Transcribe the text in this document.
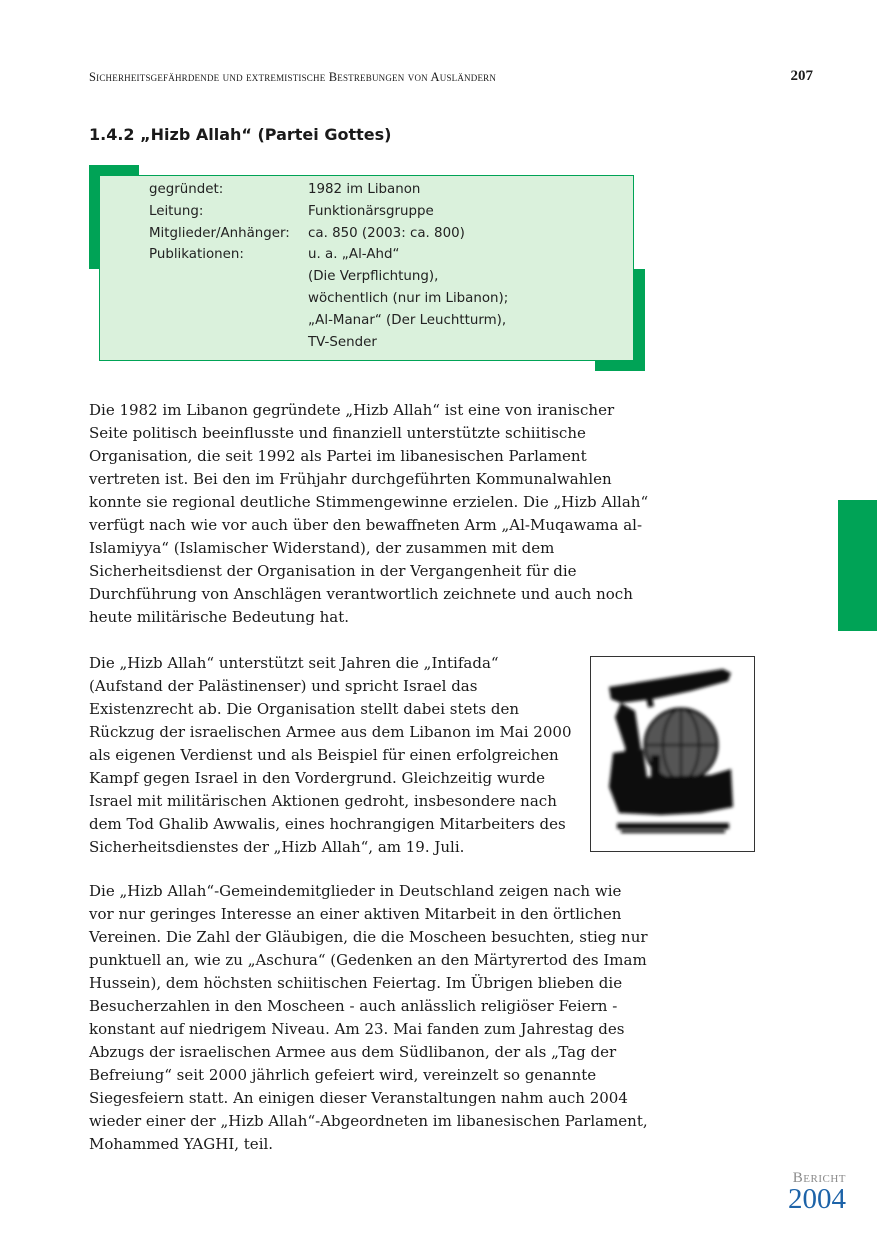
Sicherheitsgefährdende und extremistische Bestrebungen von Ausländern	207
1.4.2 „Hizb Allah“ (Partei Gottes)
gegründet:	1982 im Libanon
Leitung:	Funktionärsgruppe
Mitglieder/Anhänger: ca. 850 (2003: ca. 800)
Publikationen:	u. a. „Al-Ahd“
(Die Verpflichtung),
wöchentlich (nur im Libanon);
„Al-Manar“ (Der Leuchtturm),
TV-Sender

Die 1982 im Libanon gegründete „Hizb Allah“ ist eine von iranischer Seite politisch beeinflusste und finanziell unterstützte schiitische Organisation, die seit 1992 als Partei im libanesischen Parlament vertreten ist. Bei den im Frühjahr durchgeführten Kommunalwahlen konnte sie regional deutliche Stimmengewinne erzielen. Die „Hizb Allah“ verfügt nach wie vor auch über den bewaffneten Arm „Al-Muqawama al-Islamiyya“ (Islamischer Widerstand), der zusammen mit dem Sicherheitsdienst der Organisation in der Vergangenheit für die Durchführung von Anschlägen verantwortlich zeichnete und auch noch heute militärische Bedeutung hat.

Die „Hizb Allah“ unterstützt seit Jahren die „Intifada“ (Aufstand der Palästinenser) und spricht Israel das Existenzrecht ab. Die Organisation stellt dabei stets den Rückzug der israelischen Armee aus dem Libanon im Mai 2000 als eigenen Verdienst und als Beispiel für einen erfolgreichen Kampf gegen Israel in den Vordergrund. Gleichzeitig wurde Israel mit militärischen Aktionen gedroht, insbesondere nach dem Tod Ghalib Awwalis, eines hochrangigen Mitarbeiters des Sicherheitsdienstes der „Hizb Allah“, am 19. Juli.

Die „Hizb Allah“-Gemeindemitglieder in Deutschland zeigen nach wie vor nur geringes Interesse an einer aktiven Mitarbeit in den örtlichen Vereinen. Die Zahl der Gläubigen, die die Moscheen besuchten, stieg nur punktuell an, wie zu „Aschura“ (Gedenken an den Märtyrertod des Imam Hussein), dem höchsten schiitischen Feiertag. Im Übrigen blieben die Besucherzahlen in den Moscheen - auch anlässlich religiöser Feiern - konstant auf niedrigem Niveau. Am 23. Mai fanden zum Jahrestag des Abzugs der israelischen Armee aus dem Südlibanon, der als „Tag der Befreiung“ seit 2000 jährlich gefeiert wird, vereinzelt so genannte Siegesfeiern statt. An einigen dieser Veranstaltungen nahm auch 2004 wieder einer der „Hizb Allah“-Abgeordneten im libanesischen Parlament, Mohammed YAGHI, teil.

Bericht
2004
